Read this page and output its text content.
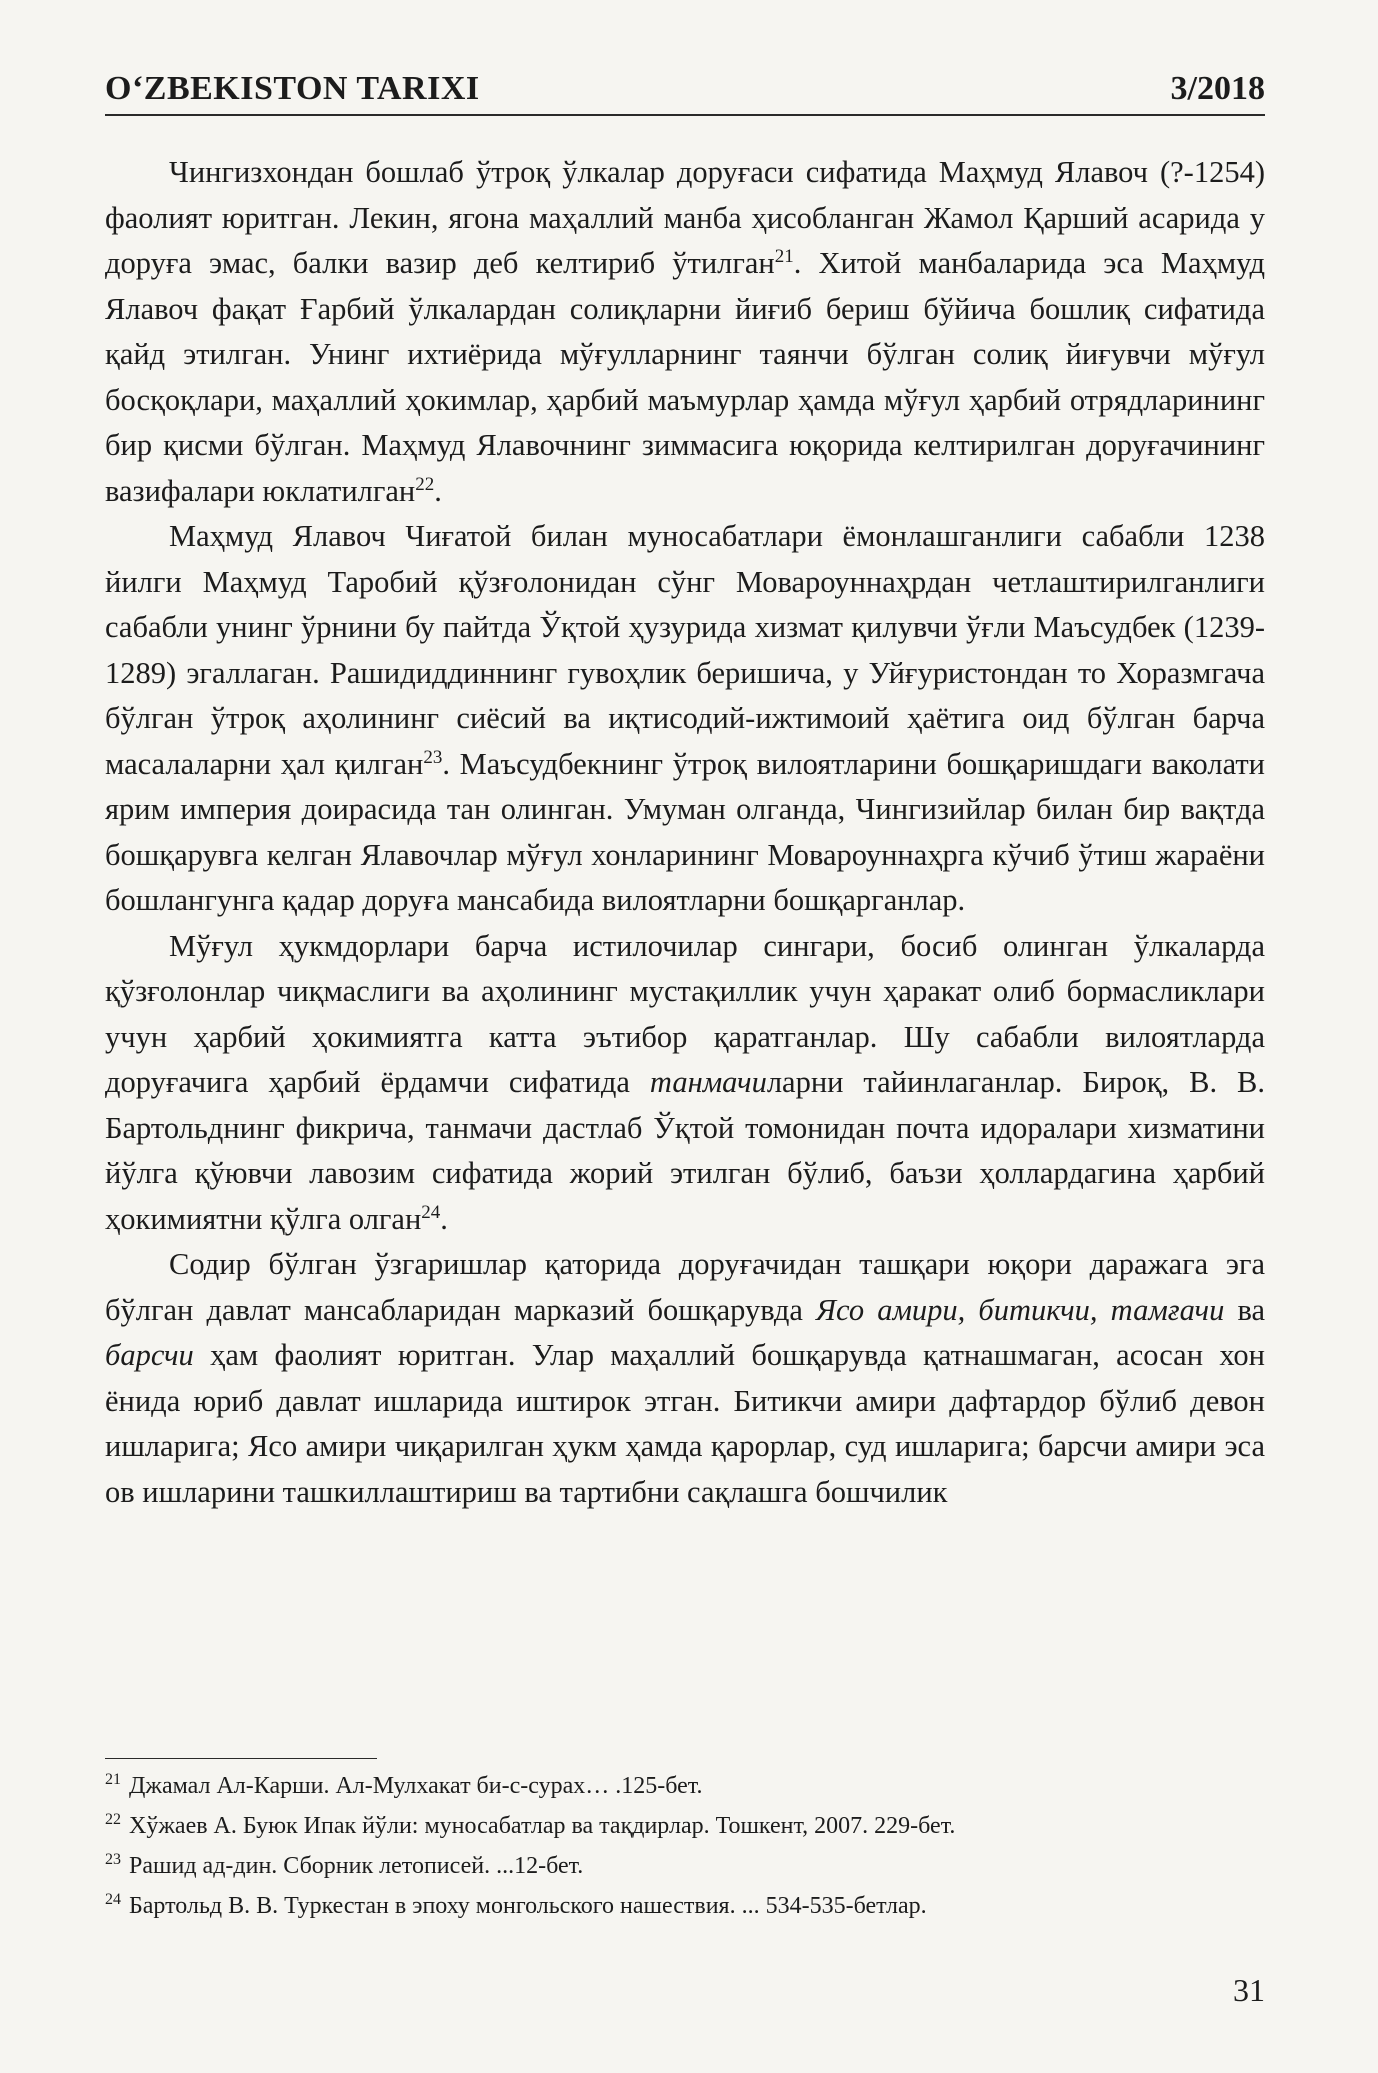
O‘ZBEKISTON TARIXI	3/2018

Чингизхондан бошлаб ўтроқ ўлкалар доруғаси сифатида Маҳмуд Ялавоч (?-1254) фаолият юритган. Лекин, ягона маҳаллий манба ҳисобланган Жамол Қарший асарида у доруға эмас, балки вазир деб келтириб ўтилган$^{21}$. Хитой манбаларида эса Маҳмуд Ялавоч фақат Ғарбий ўлкалардан солиқларни йиғиб бериш бўйича бошлиқ сифатида қайд этилган. Унинг ихтиёрида мўғулларнинг таянчи бўлган солиқ йиғувчи мўғул босқоқлари, маҳаллий ҳокимлар, ҳарбий маъмурлар ҳамда мўғул ҳарбий отрядларининг бир қисми бўлган. Маҳмуд Ялавочнинг зиммасига юқорида келтирилган доруғачининг вазифалари юклатилган$^{22}$.

Маҳмуд Ялавоч Чиғатой билан муносабатлари ёмонлашганлиги сабабли 1238 йилги Маҳмуд Таробий қўзғолонидан сўнг Мовароуннаҳрдан четлаштирилганлиги сабабли унинг ўрнини бу пайтда Ўқтой ҳузурида хизмат қилувчи ўғли Маъсудбек (1239-1289) эгаллаган. Рашидиддиннинг гувоҳлик беришича, у Уйғуристондан то Хоразмгача бўлган ўтроқ аҳолининг сиёсий ва иқтисодий-ижтимоий ҳаётига оид бўлган барча масалаларни ҳал қилган$^{23}$. Маъсудбекнинг ўтроқ вилоятларини бошқаришдаги ваколати ярим империя доирасида тан олинган. Умуман олганда, Чингизийлар билан бир вақтда бошқарувга келган Ялавочлар мўғул хонларининг Мовароуннаҳрга кўчиб ўтиш жараёни бошлангунга қадар доруға мансабида вилоятларни бошқарганлар.

Мўғул ҳукмдорлари барча истилочилар сингари, босиб олинган ўлкаларда қўзғолонлар чиқмаслиги ва аҳолининг мустақиллик учун ҳаракат олиб бормасликлари учун ҳарбий ҳокимиятга катта эътибор қаратганлар. Шу сабабли вилоятларда доруғачига ҳарбий ёрдамчи сифатида танмачиларни тайинлаганлар. Бироқ, В. В. Бартольднинг фикрича, танмачи дастлаб Ўқтой томонидан почта идоралари хизматини йўлга қўювчи лавозим сифатида жорий этилган бўлиб, баъзи ҳоллардагина ҳарбий ҳокимиятни қўлга олган$^{24}$.

Содир бўлган ўзгаришлар қаторида доруғачидан ташқари юқори даражага эга бўлган давлат мансабларидан марказий бошқарувда Ясо амири, битикчи, тамғачи ва барсчи ҳам фаолият юритган. Улар маҳаллий бошқарувда қатнашмаган, асосан хон ёнида юриб давлат ишларида иштирок этган. Битикчи амири дафтардор бўлиб девон ишларига; Ясо амири чиқарилган ҳукм ҳамда қарорлар, суд ишларига; барсчи амири эса ов ишларини ташкиллаштириш ва тартибни сақлашга бошчилик

$^{21}$ Джамал Ал-Карши. Ал-Мулхакат би-с-сурах… .125-бет.
$^{22}$ Хўжаев А. Буюк Ипак йўли: муносабатлар ва тақдирлар. Тошкент, 2007. 229-бет.
$^{23}$ Рашид ад-дин. Сборник летописей. ...12-бет.
$^{24}$ Бартольд В. В. Туркестан в эпоху монгольского нашествия. ... 534-535-бетлар.
31
